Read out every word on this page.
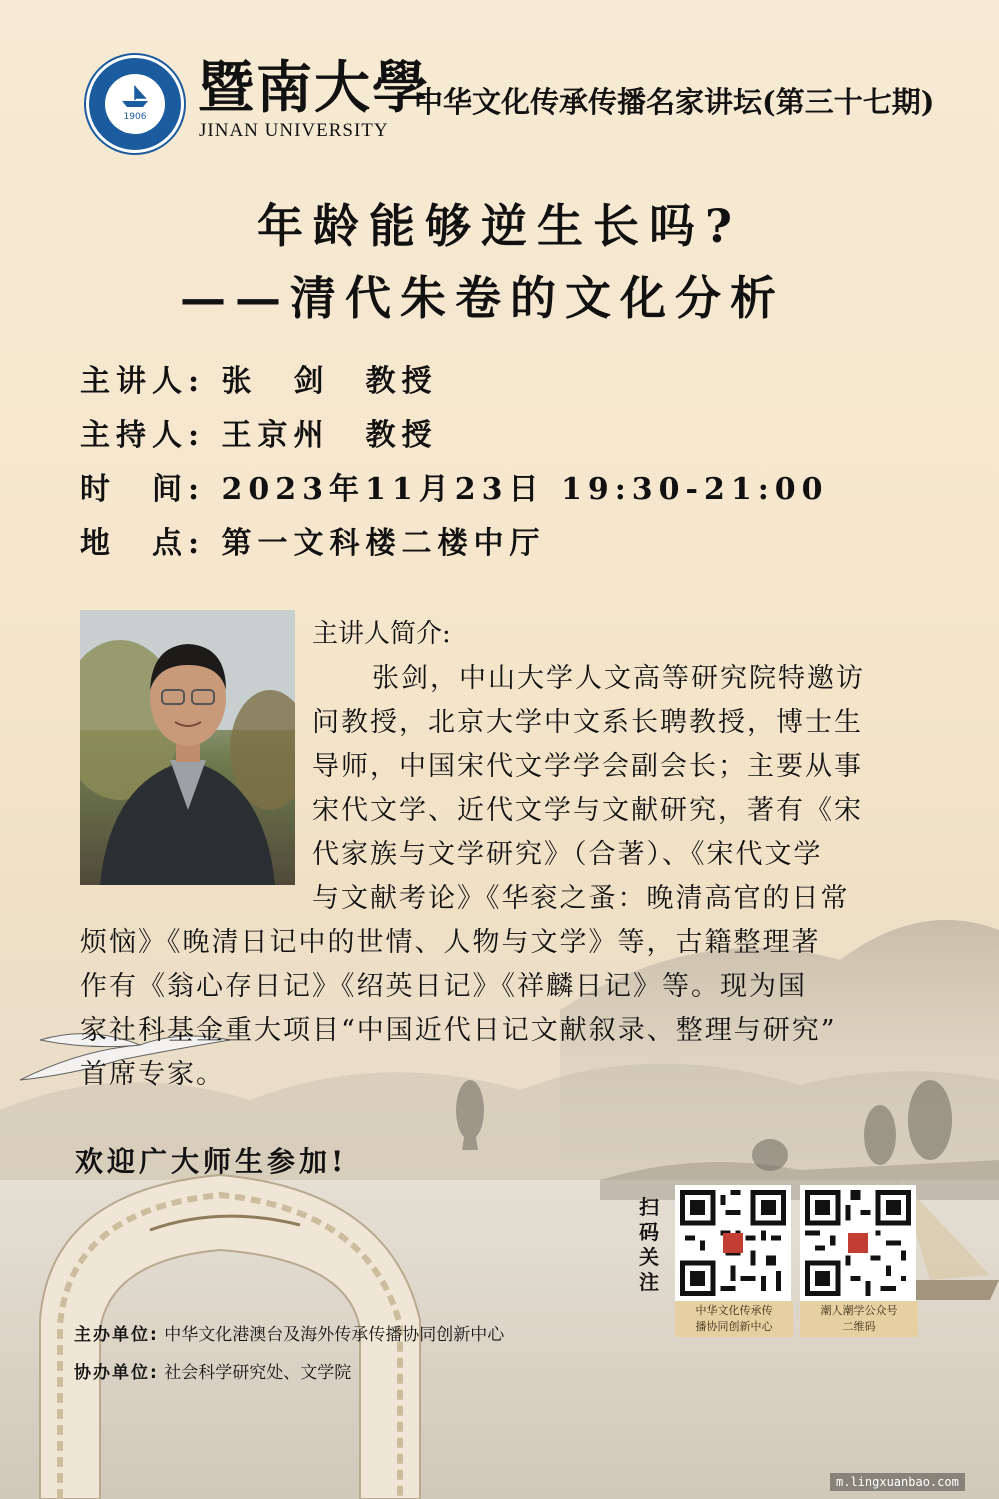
1906 暨南大學
JINAN UNIVERSITY
中华文化传承传播名家讲坛(第三十七期)
年龄能够逆生长吗?
——清代朱卷的文化分析
主讲人: 张　剑　教授
主持人: 王京州　教授
时　间: 2023年11月23日 19:30-21:00
地　点: 第一文科楼二楼中厅
主讲人简介:
张剑，中山大学人文高等研究院特邀访
问教授，北京大学中文系长聘教授，博士生
导师，中国宋代文学学会副会长；主要从事
宋代文学、近代文学与文献研究，著有《宋
代家族与文学研究》（合著）、《宋代文学
与文献考论》《华衮之蚤：晚清高官的日常
烦恼》《晚清日记中的世情、人物与文学》等，古籍整理著
作有《翁心存日记》《绍英日记》《祥麟日记》等。现为国
家社科基金重大项目“中国近代日记文献叙录、整理与研究”
首席专家。
欢迎广大师生参加!
扫码关注
中华文化传承传
播协同创新中心
潮人潮学公众号
二维码
主办单位: 中华文化港澳台及海外传承传播协同创新中心
协办单位: 社会科学研究处、文学院
m.lingxuanbao.com
